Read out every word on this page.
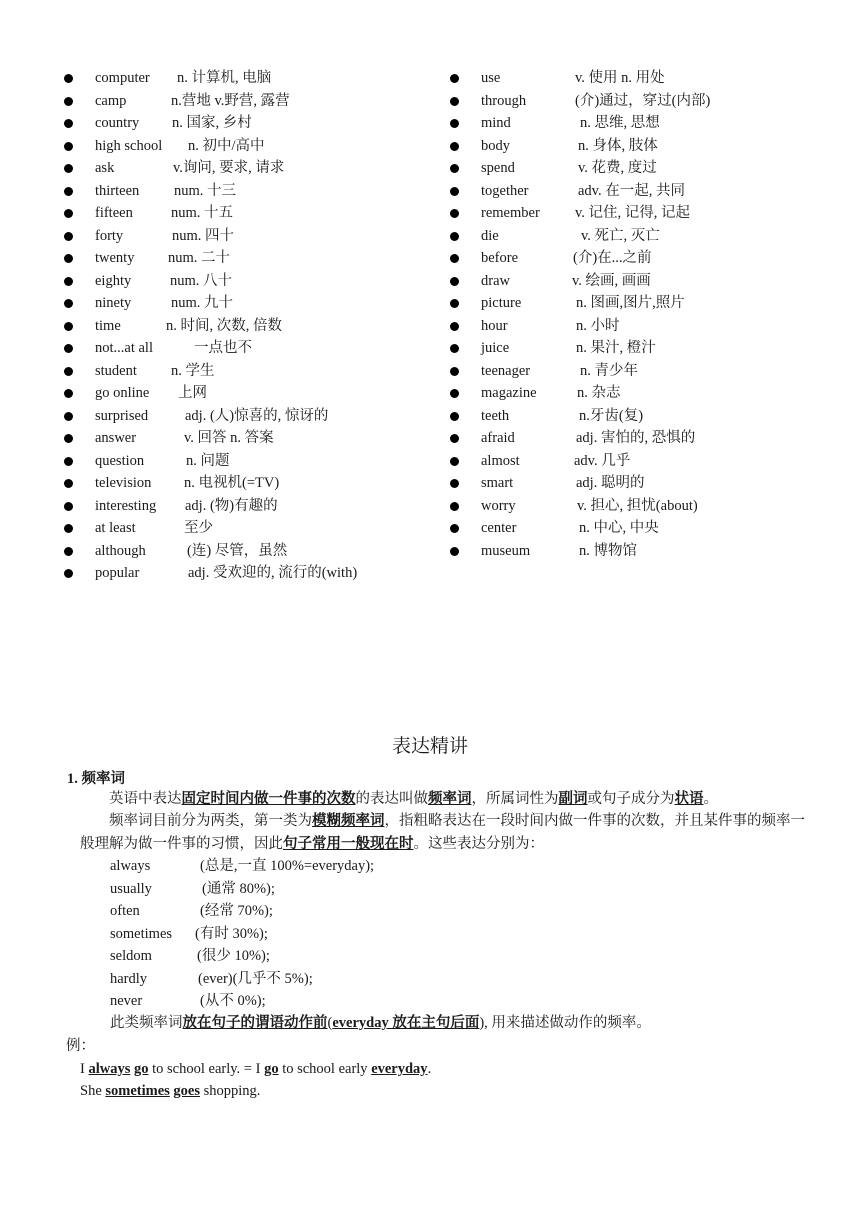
computer n. 计算机, 电脑
camp	n.营地 v.野营, 露营
country n. 国家, 乡村
high school n. 初中/高中
ask	v.询问, 要求, 请求
thirteen num. 十三
fifteen	num. 十五
forty	num. 四十
twenty num. 二十
eighty	num. 八十
ninety	num. 九十
time	n. 时间, 次数, 倍数
not...at all	一点也不
student n. 学生
go online 上网
surprised	adj. (人)惊喜的, 惊讶的
answer	v. 回答 n. 答案
question	n. 问题
television n. 电视机(=TV)
interesting adj. (物)有趣的
at least	至少
although	(连) 尽管，虽然
popular	adj. 受欢迎的, 流行的(with)
use	v. 使用 n. 用处
through	(介)通过，穿过(内部)
mind	n. 思维, 思想
body	n. 身体, 肢体
spend	v. 花费, 度过
together	adv. 在一起, 共同
remember v. 记住, 记得, 记起
die	v. 死亡, 灭亡
before	(介)在...之前
draw	v. 绘画, 画画
picture	n. 图画,图片,照片
hour	n. 小时
juice	n. 果汁, 橙汁
teenager	n. 青少年
magazine	n. 杂志
teeth	n.牙齿(复)
afraid	adj. 害怕的, 恐惧的
almost	adv. 几乎
smart	adj. 聪明的
worry	v. 担心, 担忧(about)
center	n. 中心, 中央
museum	n. 博物馆
表达精讲
1. 频率词
英语中表达固定时间内做一件事的次数的表达叫做频率词，所属词性为副词或句子成分为状语。
频率词目前分为两类，第一类为模糊频率词，指粗略表达在一段时间内做一件事的次数，并且某件事的频率一般理解为做一件事的习惯，因此句子常用一般现在时。这些表达分别为：
always	(总是,一直 100%=everyday);
usually	(通常 80%);
often	(经常 70%);
sometimes (有时 30%);
seldom	(很少 10%);
hardly	(ever)(几乎不 5%);
never	(从不 0%);
此类频率词放在句子的谓语动作前(everyday 放在主句后面), 用来描述做动作的频率。
例：
I always go to school early. = I go to school early everyday.
She sometimes goes shopping.
